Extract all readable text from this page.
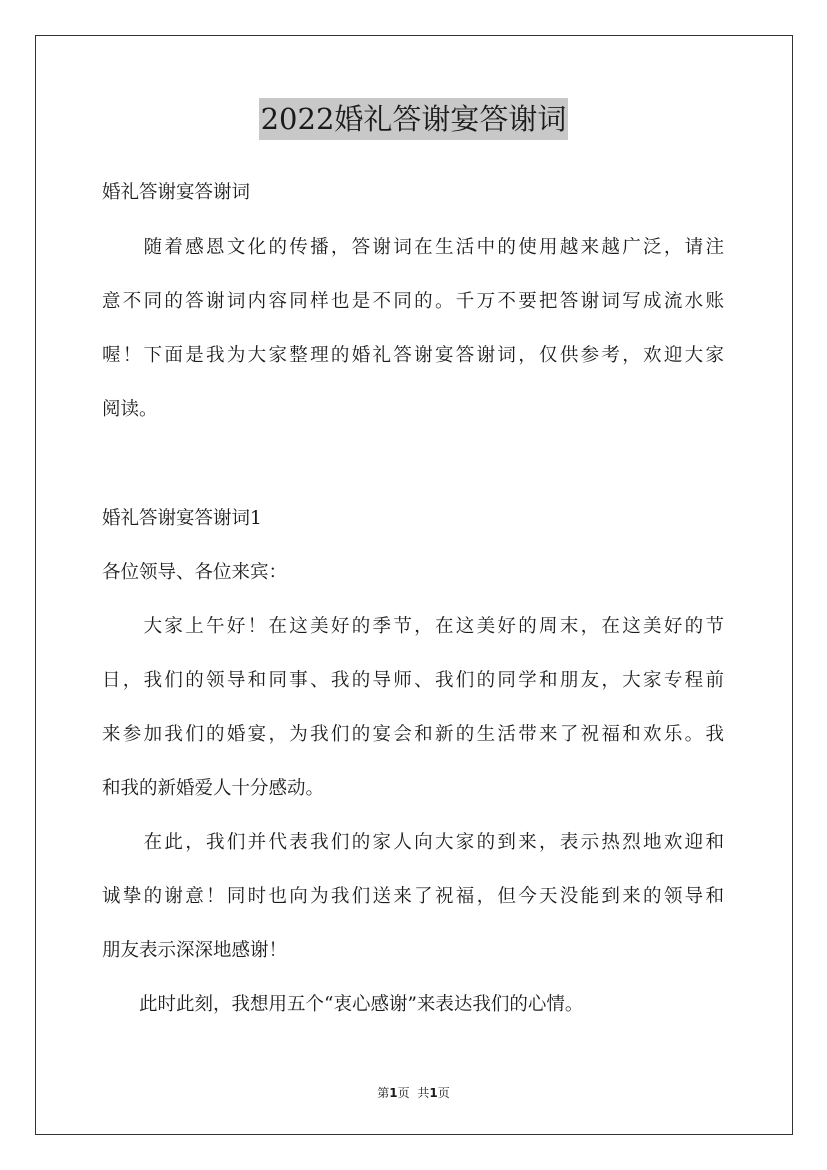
2022婚礼答谢宴答谢词
婚礼答谢宴答谢词
　　随着感恩文化的传播，答谢词在生活中的使用越来越广泛，请注
意不同的答谢词内容同样也是不同的。千万不要把答谢词写成流水账
喔！下面是我为大家整理的婚礼答谢宴答谢词，仅供参考，欢迎大家
阅读。
婚礼答谢宴答谢词1
各位领导、各位来宾：
　　大家上午好！在这美好的季节，在这美好的周末，在这美好的节
日，我们的领导和同事、我的导师、我们的同学和朋友，大家专程前
来参加我们的婚宴，为我们的宴会和新的生活带来了祝福和欢乐。我
和我的新婚爱人十分感动。
　　在此，我们并代表我们的家人向大家的到来，表示热烈地欢迎和
诚挚的谢意！同时也向为我们送来了祝福，但今天没能到来的领导和
朋友表示深深地感谢！
　　此时此刻，我想用五个“衷心感谢”来表达我们的心情。
第1页 共1页
